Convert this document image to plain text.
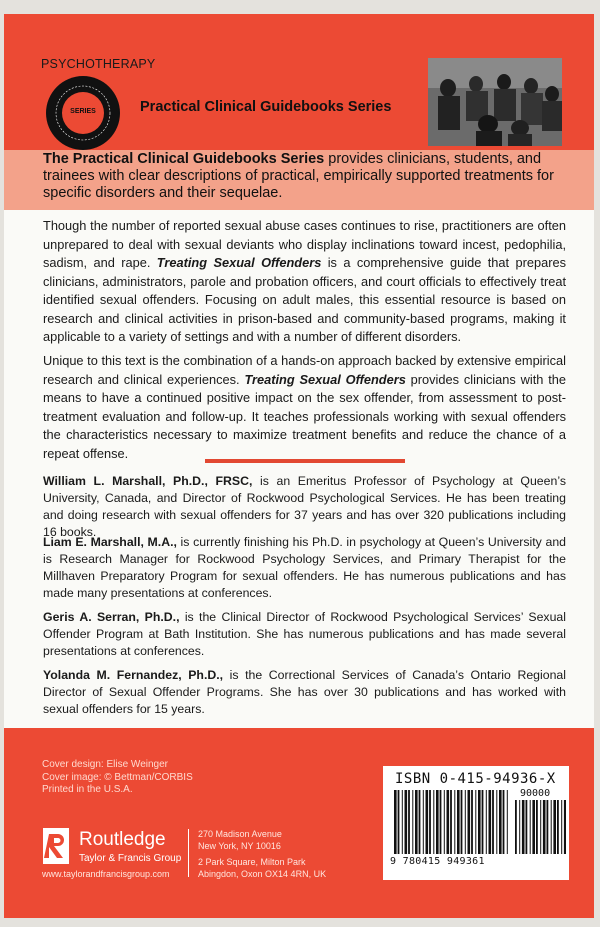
PSYCHOTHERAPY
SERIES	Practical Clinical Guidebooks Series
The Practical Clinical Guidebooks Series provides clinicians, students, and trainees with clear descriptions of practical, empirically supported treatments for specific disorders and their sequelae.
Though the number of reported sexual abuse cases continues to rise, practitioners are often unprepared to deal with sexual deviants who display inclinations toward incest, pedophilia, sadism, and rape. Treating Sexual Offenders is a comprehensive guide that prepares clinicians, administrators, parole and probation officers, and court officials to effectively treat identified sexual offenders. Focusing on adult males, this essential resource is based on research and clinical activities in prison-based and community-based programs, making it applicable to a variety of settings and with a number of different disorders.
Unique to this text is the combination of a hands-on approach backed by extensive empirical research and clinical experiences. Treating Sexual Offenders provides clinicians with the means to have a continued positive impact on the sex offender, from assessment to post-treatment evaluation and follow-up. It teaches professionals working with sexual offenders the characteristics necessary to maximize treatment benefits and reduce the chance of a repeat offense.
William L. Marshall, Ph.D., FRSC, is an Emeritus Professor of Psychology at Queen’s University, Canada, and Director of Rockwood Psychological Services. He has been treating and doing research with sexual offenders for 37 years and has over 320 publications including 16 books.
Liam E. Marshall, M.A., is currently finishing his Ph.D. in psychology at Queen’s University and is Research Manager for Rockwood Psychology Services, and Primary Therapist for the Millhaven Preparatory Program for sexual offenders. He has numerous publications and has made many presentations at conferences.
Geris A. Serran, Ph.D., is the Clinical Director of Rockwood Psychological Services’ Sexual Offender Program at Bath Institution. She has numerous publications and has made several presentations at conferences.
Yolanda M. Fernandez, Ph.D., is the Correctional Services of Canada’s Ontario Regional Director of Sexual Offender Programs. She has over 30 publications and has worked with sexual offenders for 15 years.
Cover design: Elise Weinger
Cover image: © Bettman/CORBIS
Printed in the U.S.A.
Routledge
Taylor & Francis Group
270 Madison Avenue
New York, NY 10016
2 Park Square, Milton Park
Abingdon, Oxon OX14 4RN, UK
www.taylorandfrancisgroup.com
ISBN 0-415-94936-X
90000
9 780415 949361
